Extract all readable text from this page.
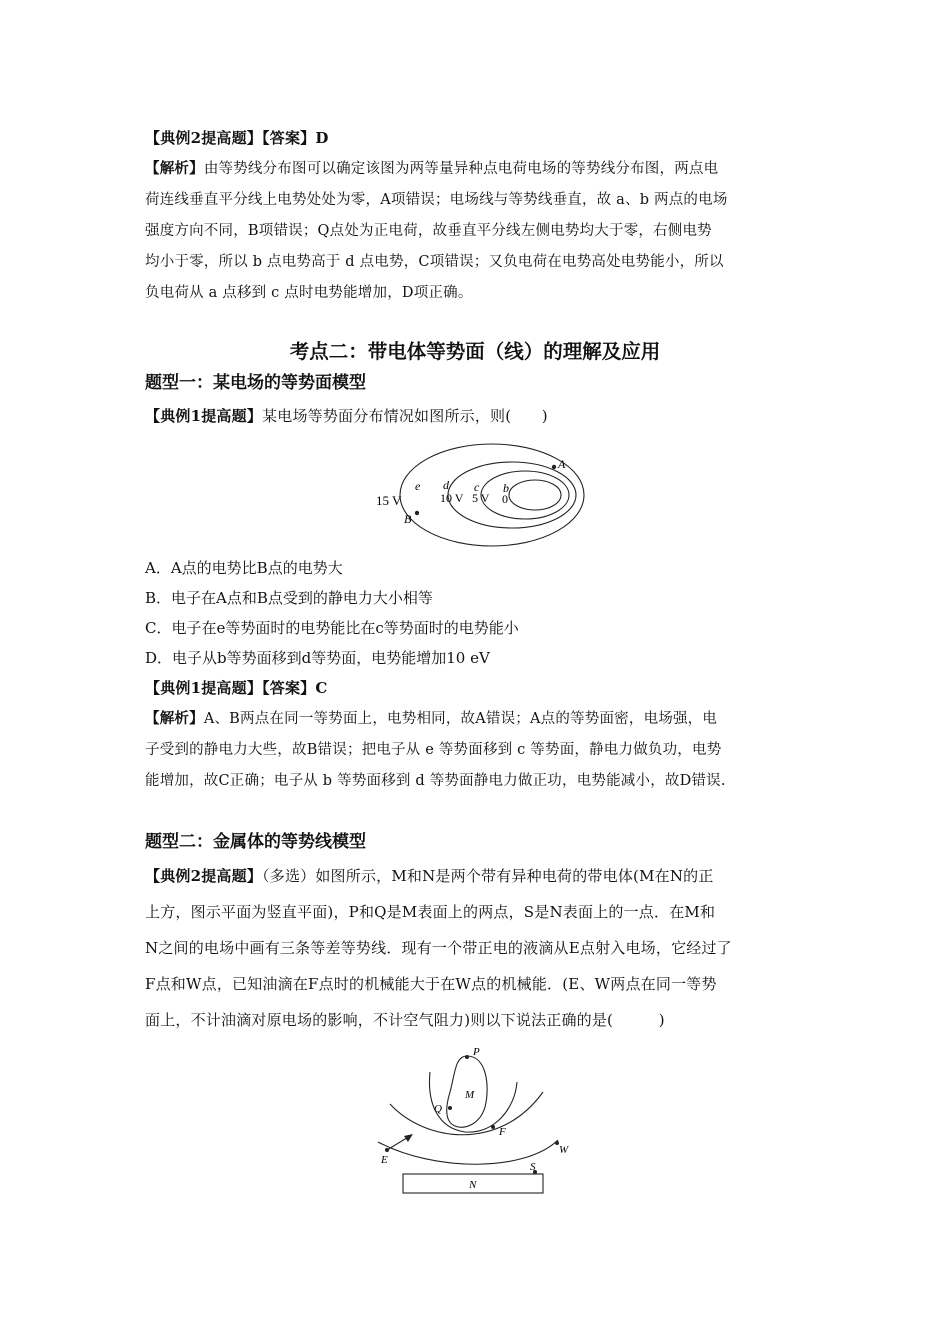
【典例2提高题】【答案】D

【解析】由等势线分布图可以确定该图为两等量异种点电荷电场的等势线分布图，两点电

荷连线垂直平分线上电势处处为零，A项错误；电场线与等势线垂直，故 a、b 两点的电场

强度方向不同，B项错误；Q点处为正电荷，故垂直平分线左侧电势均大于零，右侧电势

均小于零，所以 b 点电势高于 d 点电势，C项错误；又负电荷在电势高处电势能小，所以

负电荷从 a 点移到 c 点时电势能增加，D项正确。

考点二：带电体等势面（线）的理解及应用

题型一：某电场的等势面模型

【典例1提高题】某电场等势面分布情况如图所示，则(　　)

A
B
e d c b
15 V	10 V 5 V 0

A．A点的电势比B点的电势大

B．电子在A点和B点受到的静电力大小相等

C．电子在e等势面时的电势能比在c等势面时的电势能小

D．电子从b等势面移到d等势面，电势能增加10 eV

【典例1提高题】【答案】C

【解析】A、B两点在同一等势面上，电势相同，故A错误；A点的等势面密，电场强，电

子受到的静电力大些，故B错误；把电子从 e 等势面移到 c 等势面，静电力做负功，电势

能增加，故C正确；电子从 b 等势面移到 d 等势面静电力做正功，电势能减小，故D错误.

题型二：金属体的等势线模型

【典例2提高题】（多选）如图所示，M和N是两个带有异种电荷的带电体(M在N的正

上方，图示平面为竖直平面)，P和Q是M表面上的两点，S是N表面上的一点．在M和

N之间的电场中画有三条等差等势线．现有一个带正电的液滴从E点射入电场，它经过了

F点和W点，已知油滴在F点时的机械能大于在W点的机械能．(E、W两点在同一等势

面上，不计油滴对原电场的影响，不计空气阻力)则以下说法正确的是(　　　)

P
M
Q
F
W
E
S
N
